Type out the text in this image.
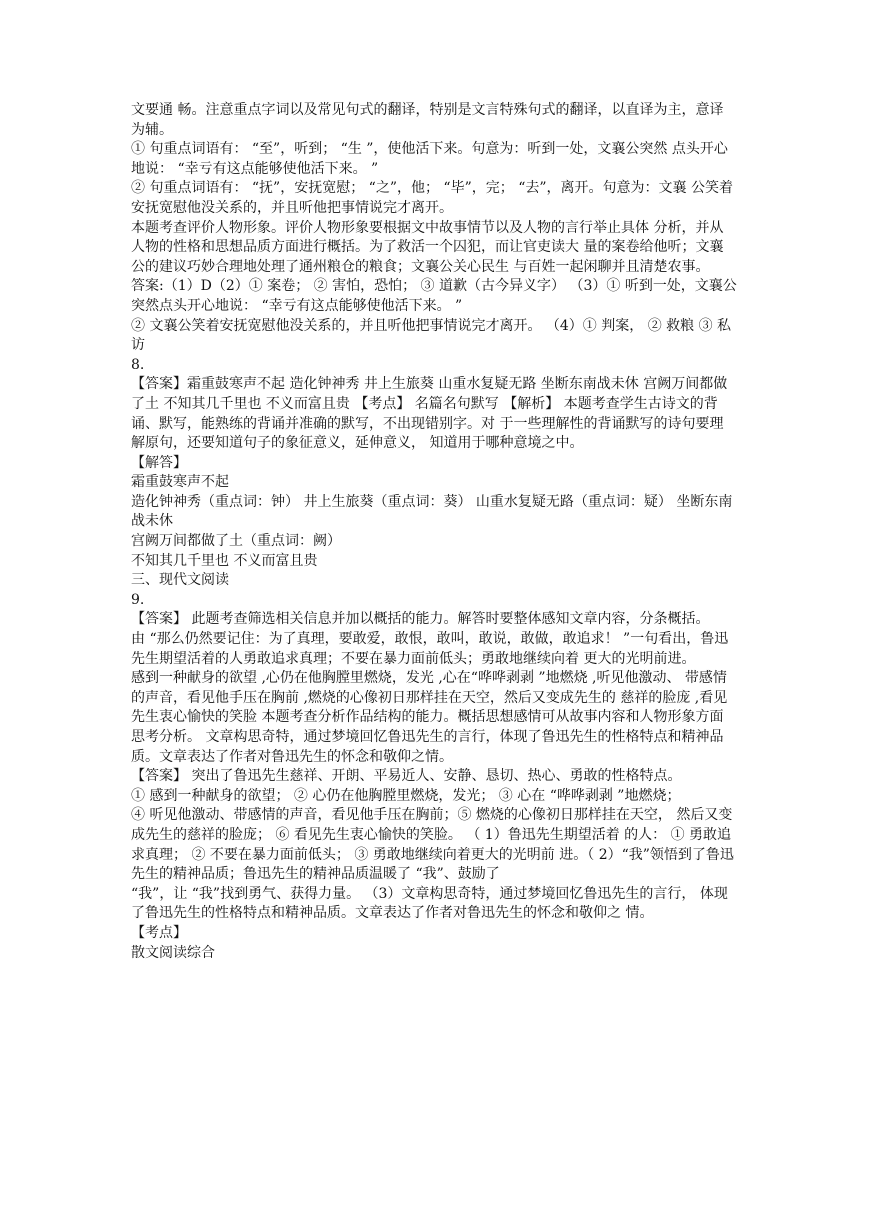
文要通 畅。注意重点字词以及常见句式的翻译，特别是文言特殊句式的翻译，以直译为主，意译为辅。

① 句重点词语有： “至”，听到； “生 ”，使他活下来。句意为：听到一处，文襄公突然 点头开心地说： “幸亏有这点能够使他活下来。 ”

② 句重点词语有： “抚”，安抚宽慰； “之”，他； “毕”，完； “去”，离开。句意为：文襄 公笑着安抚宽慰他没关系的，并且听他把事情说完才离开。

本题考查评价人物形象。评价人物形象要根据文中故事情节以及人物的言行举止具体 分析，并从人物的性格和思想品质方面进行概括。为了救活一个囚犯，而让官吏读大 量的案卷给他听；文襄公的建议巧妙合理地处理了通州粮仓的粮食；文襄公关心民生 与百姓一起闲聊并且清楚农事。

答案:（1）D（2）① 案卷； ② 害怕，恐怕； ③ 道歉（古今异义字） （3）① 听到一处，文襄公突然点头开心地说： “幸亏有这点能够使他活下来。 ”

② 文襄公笑着安抚宽慰他没关系的，并且听他把事情说完才离开。 （4）① 判案， ② 救粮 ③ 私访

8.

【答案】霜重鼓寒声不起 造化钟神秀 井上生旅葵 山重水复疑无路 坐断东南战未休 宫阙万间都做了土 不知其几千里也 不义而富且贵 【考点】 名篇名句默写 【解析】 本题考查学生古诗文的背诵、默写，能熟练的背诵并准确的默写，不出现错别字。对 于一些理解性的背诵默写的诗句要理解原句，还要知道句子的象征意义，延伸意义， 知道用于哪种意境之中。

【解答】

霜重鼓寒声不起

造化钟神秀（重点词：钟） 井上生旅葵（重点词：葵） 山重水复疑无路（重点词：疑） 坐断东南战未休

宫阙万间都做了土（重点词：阙）

不知其几千里也 不义而富且贵

三、现代文阅读

9.

【答案】 此题考查筛选相关信息并加以概括的能力。解答时要整体感知文章内容，分条概括。

由 “那么仍然要记住：为了真理，要敢爱，敢恨，敢叫，敢说，敢做，敢追求！ ”一句看出，鲁迅先生期望活着的人勇敢追求真理；不要在暴力面前低头；勇敢地继续向着 更大的光明前进。

感到一种献身的欲望 ,心仍在他胸膛里燃烧，发光 ,心在“哗哗剥剥 ”地燃烧 ,听见他激动、 带感情的声音，看见他手压在胸前 ,燃烧的心像初日那样挂在天空，然后又变成先生的 慈祥的脸庞 ,看见先生衷心愉快的笑脸 本题考查分析作品结构的能力。概括思想感情可从故事内容和人物形象方面思考分析。 文章构思奇特，通过梦境回忆鲁迅先生的言行，体现了鲁迅先生的性格特点和精神品质。文章表达了作者对鲁迅先生的怀念和敬仰之情。

【答案】 突出了鲁迅先生慈祥、开朗、平易近人、安静、恳切、热心、勇敢的性格特点。

① 感到一种献身的欲望； ② 心仍在他胸膛里燃烧，发光； ③ 心在 “哗哗剥剥 ”地燃烧；

④ 听见他激动、带感情的声音，看见他手压在胸前；⑤ 燃烧的心像初日那样挂在天空， 然后又变成先生的慈祥的脸庞； ⑥ 看见先生衷心愉快的笑脸。 （ 1）鲁迅先生期望活着 的人： ① 勇敢追求真理； ② 不要在暴力面前低头； ③ 勇敢地继续向着更大的光明前 进。（ 2）“我”领悟到了鲁迅先生的精神品质；鲁迅先生的精神品质温暖了 “我”、鼓励了

“我”，让 “我”找到勇气、获得力量。 （3）文章构思奇特，通过梦境回忆鲁迅先生的言行， 体现了鲁迅先生的性格特点和精神品质。文章表达了作者对鲁迅先生的怀念和敬仰之 情。

【考点】

散文阅读综合
